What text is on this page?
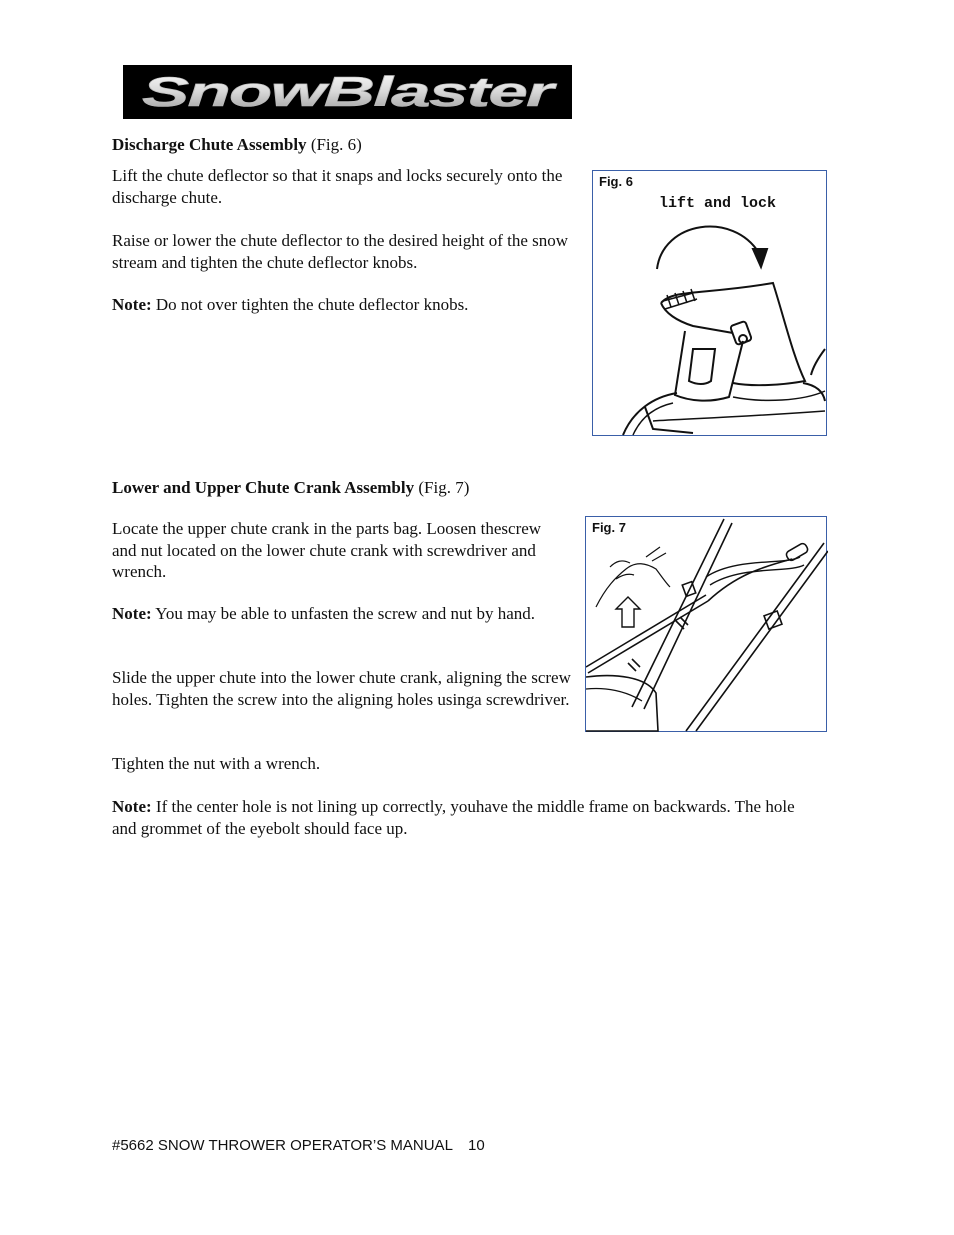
SnowBlaster
Discharge Chute Assembly (Fig. 6)

Lift the chute deflector so that it snaps and locks securely onto the discharge chute.

Raise or lower the chute deflector to the desired height of the snow stream and tighten the chute deflector knobs.

Note: Do not over tighten the chute deflector knobs.

Fig. 6
lift and lock
Lower and Upper Chute Crank Assembly (Fig. 7)

Locate the upper chute crank in the parts bag. Loosen thescrew and nut located on the lower chute crank with screwdriver and wrench.

Note: You may be able to unfasten the screw and nut by hand.

Slide the upper chute into the lower chute crank, aligning the screw holes. Tighten the screw into the aligning holes usinga screwdriver.

Tighten the nut with a wrench.

Note: If the center hole is not lining up correctly, youhave the middle frame on backwards. The hole and grommet of the eyebolt should face up.

Fig. 7
#5662 SNOW THROWER OPERATOR’S MANUAL 10
